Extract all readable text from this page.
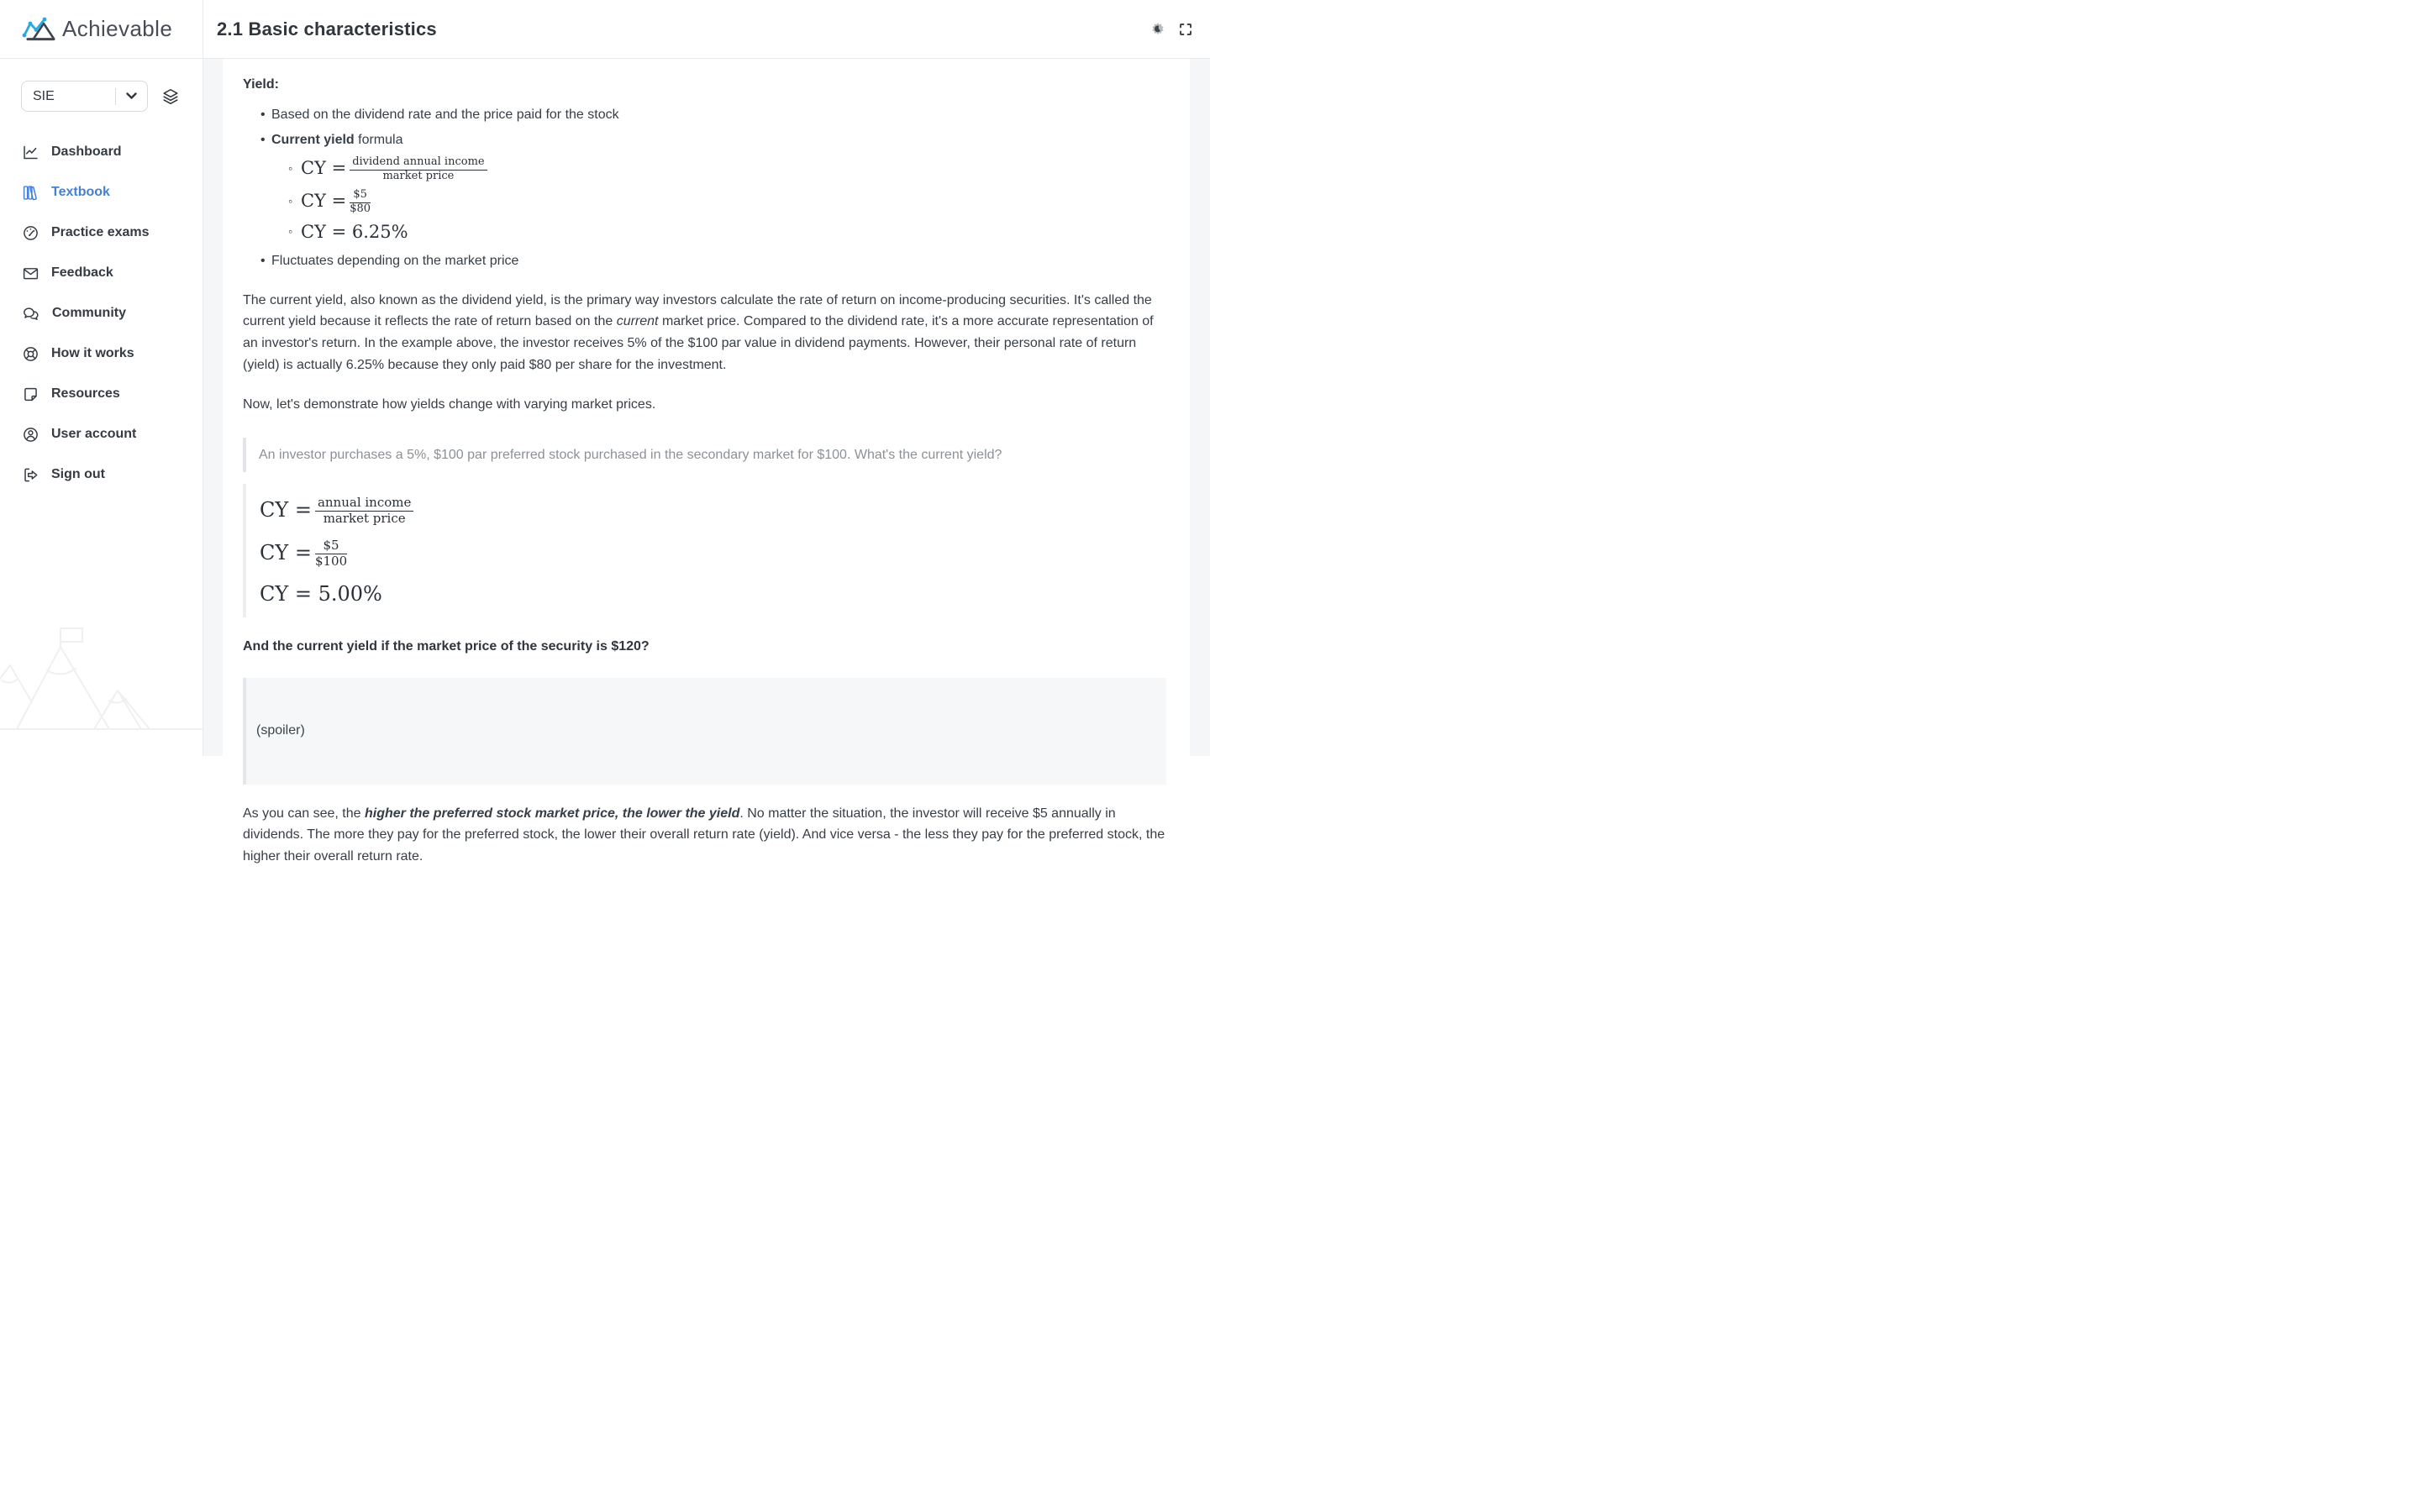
Achievable
SIE
Dashboard
Textbook
Practice exams
Feedback
Community
How it works
Resources
User account
Sign out
2.1 Basic characteristics
Yield:
• Based on the dividend rate and the price paid for the stock
• Current yield formula
◦ CY = $\frac{\text{dividend annual income}}{\text{market price}}$
◦ CY = $\frac{\$5}{\$80}$
◦ CY = 6.25%
• Fluctuates depending on the market price

The current yield, also known as the dividend yield, is the primary way investors calculate the rate of return on income-producing securities. It's called the current yield because it reflects the rate of return based on the current market price. Compared to the dividend rate, it's a more accurate representation of an investor's return. In the example above, the investor receives 5% of the $100 par value in dividend payments. However, their personal rate of return (yield) is actually 6.25% because they only paid $80 per share for the investment.

Now, let's demonstrate how yields change with varying market prices.

An investor purchases a 5%, $100 par preferred stock purchased in the secondary market for $100. What's the current yield?
CY = $\frac{\text{annual income}}{\text{market price}}$
CY = $\frac{\$5}{\$100}$
CY = 5.00%

And the current yield if the market price of the security is $120?

(spoiler)

As you can see, the higher the preferred stock market price, the lower the yield. No matter the situation, the investor will receive $5 annually in dividends. The more they pay for the preferred stock, the lower their overall return rate (yield). And vice versa - the less they pay for the preferred stock, the higher their overall return rate.
